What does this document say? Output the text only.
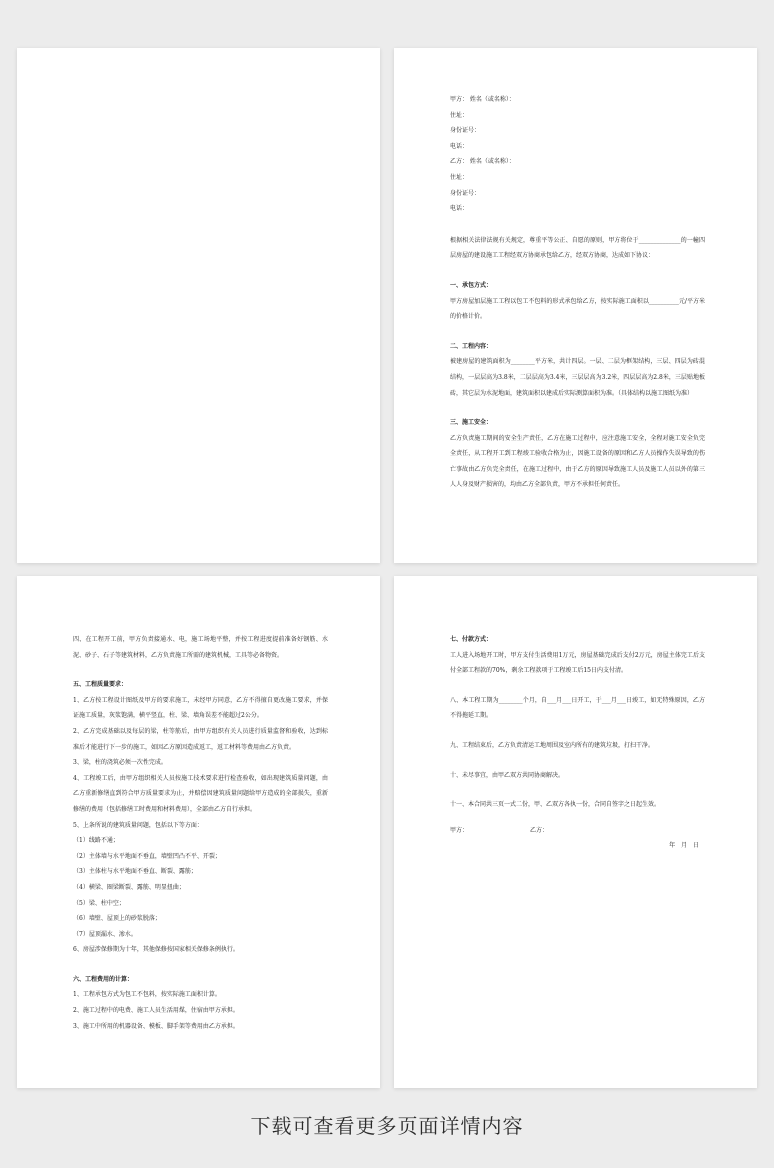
甲方： 姓名（或名称）：
住址：
身份证号：
电话：
乙方： 姓名（或名称）：
住址：
身份证号：
电话：
根据相关法律法规有关规定，尊重平等公正、自愿的原则，甲方将位于______________的一幢四层房屋的建设施工工程经双方协商承包给乙方，经双方协商，达成如下协议：
一、承包方式：
甲方房屋加层施工工程以包工不包料的形式承包给乙方，按实际施工面积以__________元/平方米的价格计价。
二、工程内容：
被建房屋的建筑面积为________平方米，共计四层。一层、二层为框架结构，三层、四层为砖混结构，一层层高为3.8米，二层层高为3.4米，三层层高为3.2米，四层层高为2.8米，三层贴地板砖，其它层为水泥地面，建筑面积以建成后实际测算面积为准。（具体结构以施工图纸为准）
三、施工安全：
乙方负责施工期间的安全生产责任，乙方在施工过程中，应注意施工安全，全程对施工安全负完全责任，从工程开工到工程竣工验收合格为止，因施工设备的原因和乙方人员操作失误导致的伤亡事故由乙方负完全责任，在施工过程中，由于乙方的原因导致施工人员及施工人员以外的第三人人身及财产损害的，均由乙方全部负责，甲方不承担任何责任。
四、在工程开工前，甲方负责接通水、电，施工场地平整，并按工程进度提前准备好钢筋、水泥、砂子、石子等建筑材料，乙方负责施工所需的建筑机械，工具等必备物资。
五、工程质量要求：
1、乙方按工程设计图纸及甲方的要求施工，未经甲方同意，乙方不得擅自更改施工要求，并保证施工质量，灰浆饱满，横平竖直，柱、梁、墙角误差不能超过2公分。
2、乙方完成基础以及每层的梁，柱等筋后，由甲方组织有关人员进行质量监督和验收，达到标准后才能进行下一步的施工，如因乙方原因造成返工，返工材料等费用由乙方负责。
3、梁，柱的浇筑必须一次性完成。
4、工程竣工后，由甲方组织相关人员按施工技术要求进行检查验收，如出现建筑质量问题，由乙方重新修缮直到符合甲方质量要求为止，并赔偿因建筑质量问题给甲方造成的全部损失，重新修缮的费用（包括修缮工时费用和材料费用），全部由乙方自行承担。
5、上条所说的建筑质量问题，包括以下等方面：
（1）线路不通；
（2）主体墙与水平地面不垂直，墙壁凹凸不平、开裂；
（3）主体柱与水平地面不垂直、断裂、露筋；
（4）横梁、圈梁断裂、露筋、明显扭曲；
（5）梁、柱中空；
（6）墙壁、屋顶上的砂浆脱落；
（7）屋顶漏水、渗水。
6、房屋涉保修期为十年，其他保修按国家相关保修条例执行。
六、工程费用的计算：
1、工程承包方式为包工不包料，按实际施工面积计算。
2、施工过程中的电费、施工人员生活用煤，住宿由甲方承担。
3、施工中所用的机器设备、模板、脚手架等费用由乙方承担。
七、付款方式：
工人进入场地开工时，甲方支付生活费用1万元，房屋基础完成后支付2万元，房屋主体完工后支付全部工程款的70%，剩余工程款项于工程竣工后15日内支付清。
八、本工程工期为________个月，自___月___日开工，于___月___日竣工，如无特殊原因，乙方不得拖延工期。
九、工程结束后，乙方负责清运工地周围及室内所有的建筑垃圾，打扫干净。
十、未尽事宜，由甲乙双方共同协商解决。
十一、本合同共三页一式二份，甲、乙双方各执一份，合同自签字之日起生效。
甲方：	乙方：
年 月 日
下载可查看更多页面详情内容
